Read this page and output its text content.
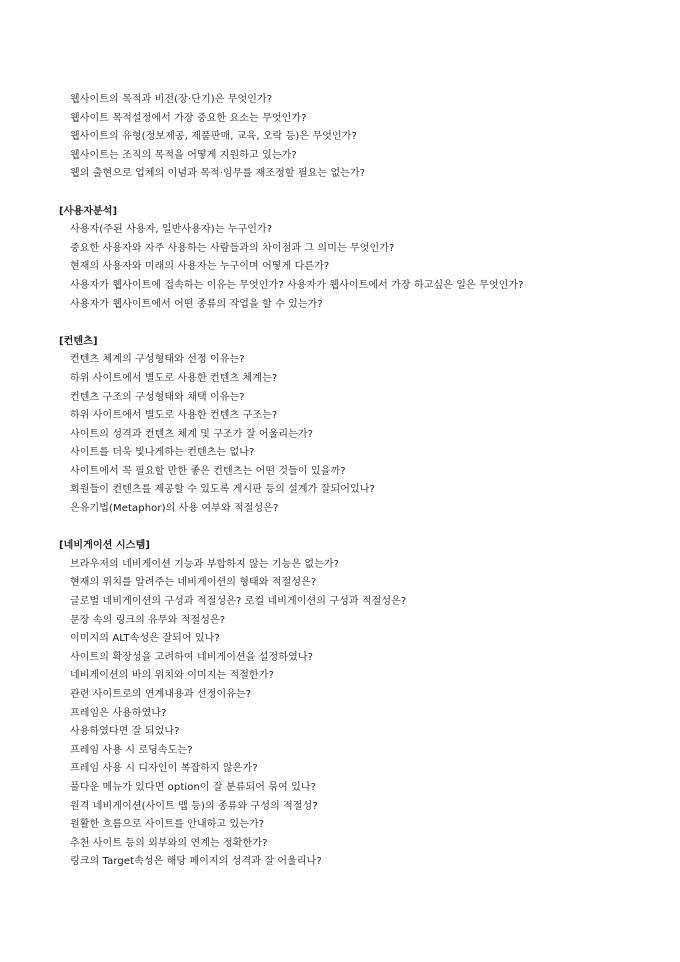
웹사이트의 목적과 비전(장·단기)은 무엇인가?
웹사이트 목적설정에서 가장 중요한 요소는 무엇인가?
웹사이트의 유형(정보제공, 제품판매, 교육, 오락 등)은 무엇인가?
웹사이트는 조직의 목적을 어떻게 지원하고 있는가?
웹의 출현으로 업체의 이념과 목적·임무를 재조정할 필요는 없는가?
[사용자분석]
사용자(주된 사용자, 일반사용자)는 누구인가?
중요한 사용자와 자주 사용하는 사람들과의 차이점과 그 의미는 무엇인가?
현재의 사용자와 미래의 사용자는 누구이며 어떻게 다른가?
사용자가 웹사이트에 접속하는 이유는 무엇인가? 사용자가 웹사이트에서 가장 하고싶은 일은 무엇인가?
사용자가 웹사이트에서 어떤 종류의 작업을 할 수 있는가?
[컨텐츠]
컨텐츠 체계의 구성형태와 선정 이유는?
하위 사이트에서 별도로 사용한 컨텐츠 체계는?
컨텐츠 구조의 구성형태와 채택 이유는?
하위 사이트에서 별도로 사용한 컨텐츠 구조는?
사이트의 성격과 컨텐츠 체계 및 구조가 잘 어울리는가?
사이트를 더욱 빛나게하는 컨텐츠는 없나?
사이트에서 꼭 필요할 만한 좋은 컨텐츠는 어떤 것들이 있을까?
회원들이 컨텐츠를 제공할 수 있도록 게시판 등의 설계가 잘되어있나?
은유기법(Metaphor)의 사용 여부와 적절성은?
[네비게이션 시스템]
브라우저의 네비게이션 기능과 부합하지 않는 기능은 없는가?
현재의 위치를 알려주는 네비게이션의 형태와 적절성은?
글로벌 네비게이션의 구성과 적절성은? 로컬 네비게이션의 구성과 적절성은?
문장 속의 링크의 유무와 적절성은?
이미지의 ALT속성은 잘되어 있나?
사이트의 확장성을 고려하여 네비게이션을 설정하였나?
네비게이션의 바의 위치와 이미지는 적절한가?
관련 사이트로의 연계내용과 선정이유는?
프레임은 사용하였나?
사용하였다면 잘 되었나?
프레임 사용 시 로딩속도는?
프레임 사용 시 디자인이 복잡하지 않은가?
풀다운 메뉴가 있다면 option이 잘 분류되어 묶여 있나?
원격 네비게이션(사이트 맵 등)의 종류와 구성의 적절성?
원활한 흐름으로 사이트를 안내하고 있는가?
추천 사이트 등의 외부와의 연계는 정확한가?
링크의 Target속성은 해당 페이지의 성격과 잘 어울리나?
